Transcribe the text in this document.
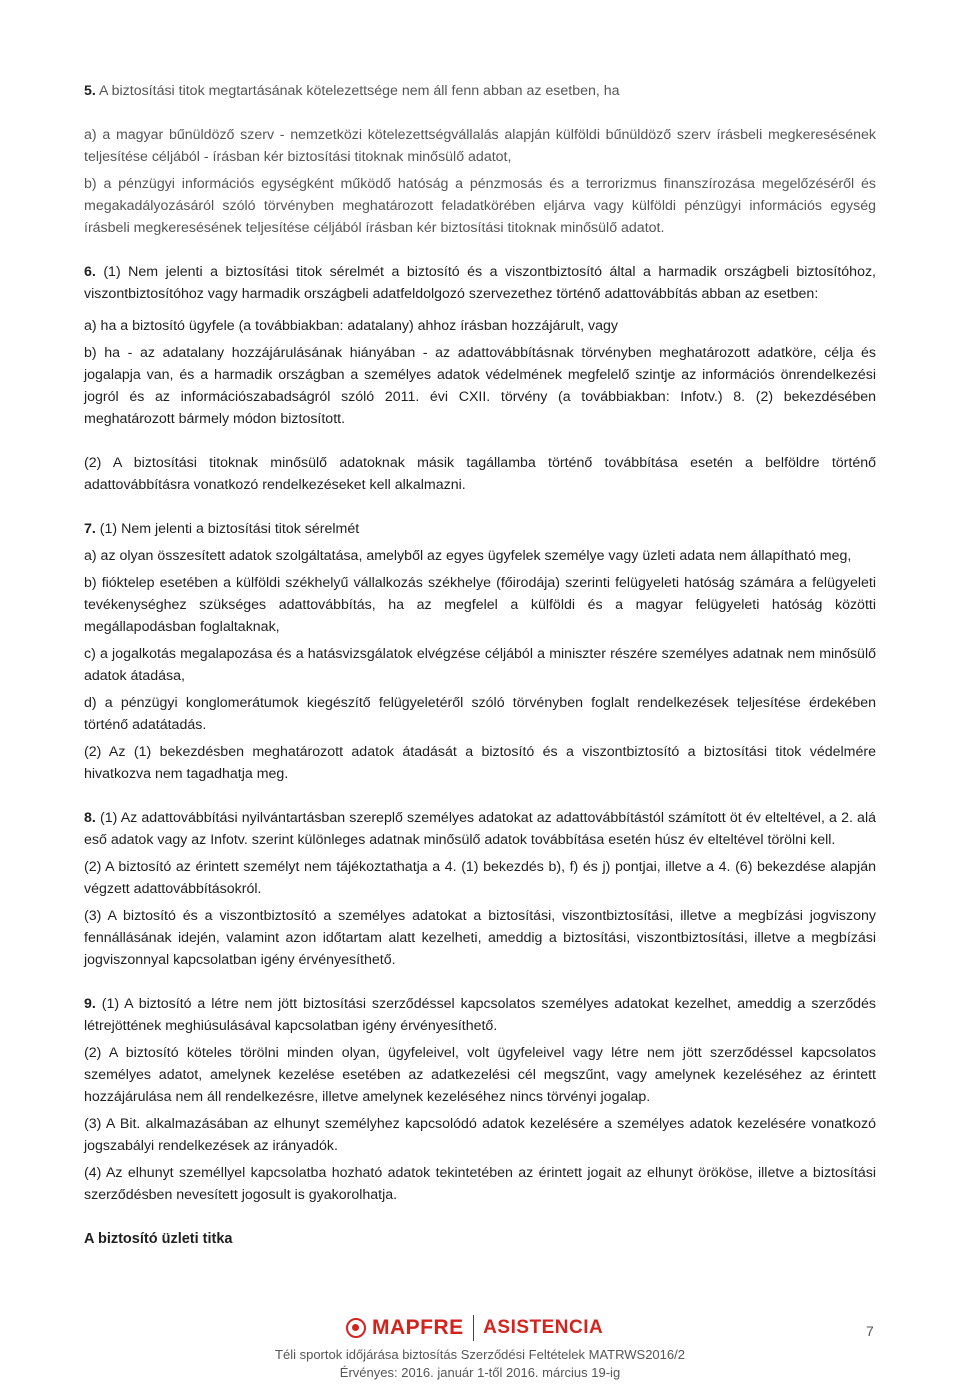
5. A biztosítási titok megtartásának kötelezettsége nem áll fenn abban az esetben, ha

a) a magyar bűnüldöző szerv - nemzetközi kötelezettségvállalás alapján külföldi bűnüldöző szerv írásbeli megkeresésének teljesítése céljából - írásban kér biztosítási titoknak minősülő adatot,

b) a pénzügyi információs egységként működő hatóság a pénzmosás és a terrorizmus finanszírozása megelőzéséről és megakadályozásáról szóló törvényben meghatározott feladatkörében eljárva vagy külföldi pénzügyi információs egység írásbeli megkeresésének teljesítése céljából írásban kér biztosítási titoknak minősülő adatot.

6. (1) Nem jelenti a biztosítási titok sérelmét a biztosító és a viszontbiztosító által a harmadik országbeli biztosítóhoz, viszontbiztosítóhoz vagy harmadik országbeli adatfeldolgozó szervezethez történő adattovábbítás abban az esetben:

a) ha a biztosító ügyfele (a továbbiakban: adatalany) ahhoz írásban hozzájárult, vagy

b) ha - az adatalany hozzájárulásának hiányában - az adattovábbításnak törvényben meghatározott adatköre, célja és jogalapja van, és a harmadik országban a személyes adatok védelmének megfelelő szintje az információs önrendelkezési jogról és az információszabadságról szóló 2011. évi CXII. törvény (a továbbiakban: Infotv.) 8. (2) bekezdésében meghatározott bármely módon biztosított.

(2) A biztosítási titoknak minősülő adatoknak másik tagállamba történő továbbítása esetén a belföldre történő adattovábbításra vonatkozó rendelkezéseket kell alkalmazni.

7. (1) Nem jelenti a biztosítási titok sérelmét

a) az olyan összesített adatok szolgáltatása, amelyből az egyes ügyfelek személye vagy üzleti adata nem állapítható meg,

b) fióktelep esetében a külföldi székhelyű vállalkozás székhelye (főirodája) szerinti felügyeleti hatóság számára a felügyeleti tevékenységhez szükséges adattovábbítás, ha az megfelel a külföldi és a magyar felügyeleti hatóság közötti megállapodásban foglaltaknak,

c) a jogalkotás megalapozása és a hatásvizsgálatok elvégzése céljából a miniszter részére személyes adatnak nem minősülő adatok átadása,

d) a pénzügyi konglomerátumok kiegészítő felügyeletéről szóló törvényben foglalt rendelkezések teljesítése érdekében történő adatátadás.

(2) Az (1) bekezdésben meghatározott adatok átadását a biztosító és a viszontbiztosító a biztosítási titok védelmére hivatkozva nem tagadhatja meg.

8. (1) Az adattovábbítási nyilvántartásban szereplő személyes adatokat az adattovábbítástól számított öt év elteltével, a 2. alá eső adatok vagy az Infotv. szerint különleges adatnak minősülő adatok továbbítása esetén húsz év elteltével törölni kell.

(2) A biztosító az érintett személyt nem tájékoztathatja a 4. (1) bekezdés b), f) és j) pontjai, illetve a 4. (6) bekezdése alapján végzett adattovábbításokról.

(3) A biztosító és a viszontbiztosító a személyes adatokat a biztosítási, viszontbiztosítási, illetve a megbízási jogviszony fennállásának idején, valamint azon időtartam alatt kezelheti, ameddig a biztosítási, viszontbiztosítási, illetve a megbízási jogviszonnyal kapcsolatban igény érvényesíthető.

9. (1) A biztosító a létre nem jött biztosítási szerződéssel kapcsolatos személyes adatokat kezelhet, ameddig a szerződés létrejöttének meghiúsulásával kapcsolatban igény érvényesíthető.

(2) A biztosító köteles törölni minden olyan, ügyfeleivel, volt ügyfeleivel vagy létre nem jött szerződéssel kapcsolatos személyes adatot, amelynek kezelése esetében az adatkezelési cél megszűnt, vagy amelynek kezeléséhez az érintett hozzájárulása nem áll rendelkezésre, illetve amelynek kezeléséhez nincs törvényi jogalap.

(3) A Bit. alkalmazásában az elhunyt személyhez kapcsolódó adatok kezelésére a személyes adatok kezelésére vonatkozó jogszabályi rendelkezések az irányadók.

(4) Az elhunyt személlyel kapcsolatba hozható adatok tekintetében az érintett jogait az elhunyt örököse, illetve a biztosítási szerződésben nevesített jogosult is gyakorolhatja.

A biztosító üzleti titka

MAPFRE ASISTENCIA	7
Téli sportok időjárása biztosítás Szerződési Feltételek MATRWS2016/2
Érvényes: 2016. január 1-től 2016. március 19-ig
